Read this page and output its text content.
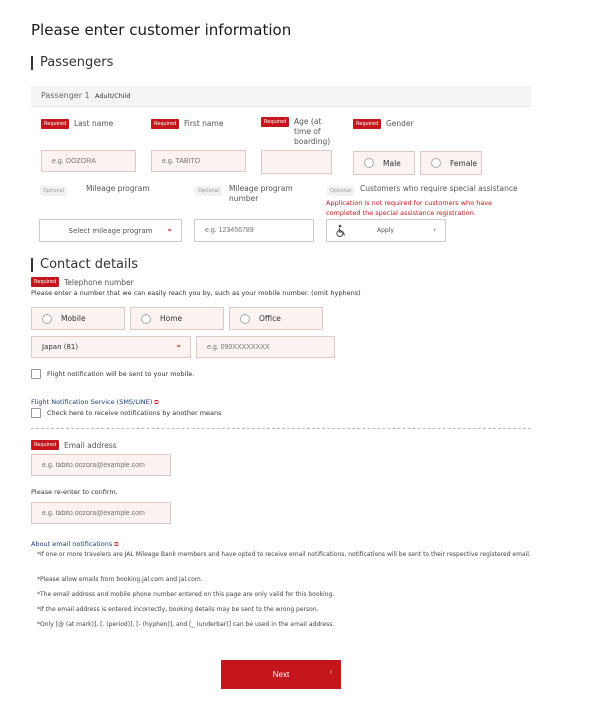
Please enter customer information
Passengers
Passenger 1 Adult/Child
Required	Last name	Required	First name	Required	Age (at time of boarding)
Required	Gender
e.g. OOZORA
e.g. TABITO
Male	Female
Optional	Mileage program	Optional	Mileage program number
Optional	Customers who require special assistance
Application is not required for customers who have completed the special assistance registration.
Select mileage program	⌗
e.g. 123456789	Apply	›
Contact details
Required	Telephone number
Please enter a number that we can easily reach you by, such as your mobile number. (omit hyphens)
Mobile	Home	Office
Japan (81)	⌗
e.g. 090XXXXXXXX
Flight notification will be sent to your mobile.
Flight Notification Service (SMS/LINE) ⧉
Check here to receive notifications by another means
Required	Email address
e.g. tabito.oozora@example.com
Please re-enter to confirm.
e.g. tabito.oozora@example.com
About email notifications ⧉
*If one or more travelers are JAL Mileage Bank members and have opted to receive email notifications, notifications will be sent to their respective registered email.
*Please allow emails from booking.jal.com and jal.com.
*The email address and mobile phone number entered on this page are only valid for this booking.
*If the email address is entered incorrectly, booking details may be sent to the wrong person.
*Only [@ (at mark)], [. (period)], [- (hyphen)], and [_ (underbar)] can be used in the email address.
Next	›
